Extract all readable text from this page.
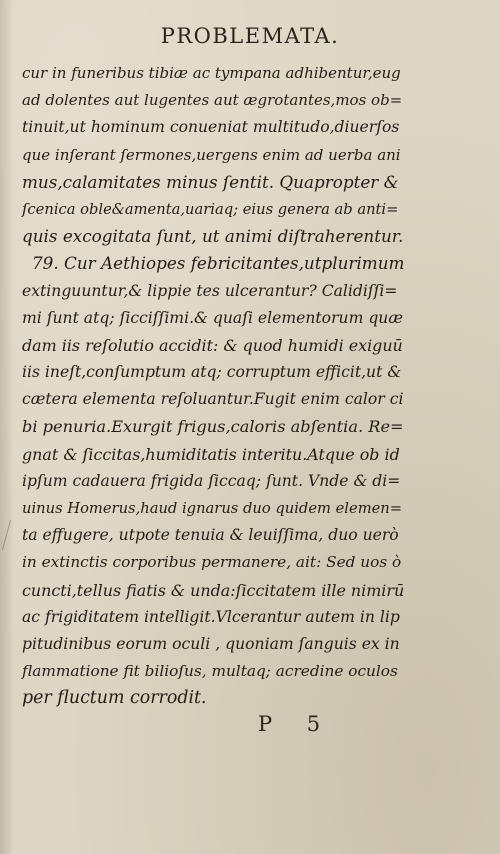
PROBLEMATA.
cur in funeribus tibiæ ac tympana adhibentur,eug
ad dolentes aut lugentes aut ægrotantes,mos ob=
tinuit,ut hominum conueniat multitudo,diuerſos
que inſerant ſermones,uergens enim ad uerba ani
mus,calamitates minus ſentit. Quapropter &
ſcenica oble&amenta,uariaq; eius genera ab anti=
quis excogitata ſunt, ut animi diſtraherentur.
79. Cur Aethiopes febricitantes,utplurimum
extinguuntur,& lippie tes ulcerantur? Calidiſſi=
mi ſunt atq; ſicciſſimi.& quaſi elementorum quæ
dam iis reſolutio accidit: & quod humidi exiguū
iis ineſt,conſumptum atq; corruptum efficit,ut &
cætera elementa reſoluantur.Fugit enim calor ci
bi penuria.Exurgit frigus,caloris abſentia. Re=
gnat & ſiccitas,humiditatis interitu.Atque ob id
ipſum cadauera frigida ſiccaq; ſunt. Vnde & di=
uinus Homerus,haud ignarus duo quidem elemen=
ta effugere, utpote tenuia & leuiſſima, duo uerò
in extinctis corporibus permanere, ait: Sed uos ò
cuncti,tellus fiatis & unda:ſiccitatem ille nimirū
ac frigiditatem intelligit.Vlcerantur autem in lip
pitudinibus eorum oculi , quoniam ſanguis ex in
flammatione fit bilioſus, multaq; acredine oculos
per fluctum corrodit.
P 5
